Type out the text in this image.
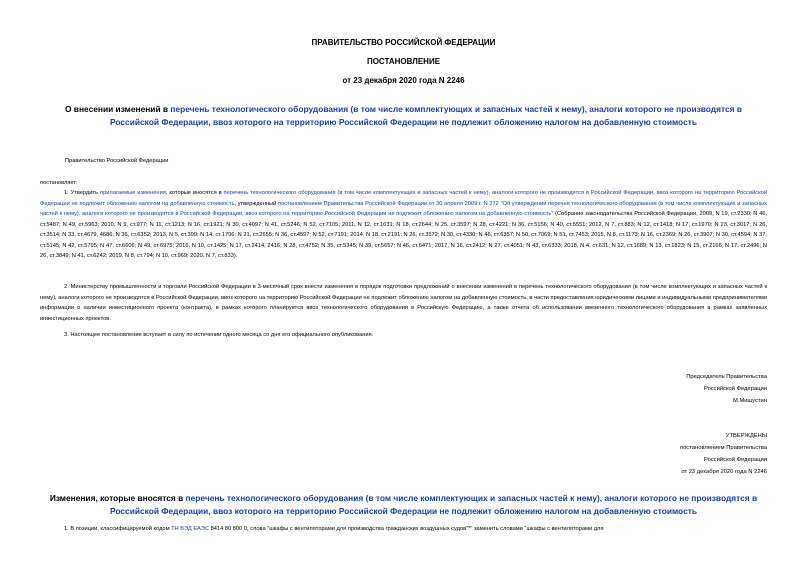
ПРАВИТЕЛЬСТВО РОССИЙСКОЙ ФЕДЕРАЦИИ
ПОСТАНОВЛЕНИЕ
от 23 декабря 2020 года N 2246
О внесении изменений в перечень технологического оборудования (в том числе комплектующих и запасных частей к нему), аналоги которого не производятся в Российской Федерации, ввоз которого на территорию Российской Федерации не подлежит обложению налогом на добавленную стоимость
Правительство Российской Федерации
постановляет:
1. Утвердить прилагаемые изменения, которые вносятся в перечень технологического оборудования (в том числе комплектующих и запасных частей к нему), аналоги которого не производятся в Российской Федерации, ввоз которого на территорию Российской Федерации не подлежит обложению налогом на добавленную стоимость, утвержденный постановлением Правительства Российской Федерации от 30 апреля 2009 г. N 372 "Об утверждении перечня технологического оборудования (в том числе комплектующих и запасных частей к нему), аналоги которого не производятся в Российской Федерации, ввоз которого на территорию Российской Федерации не подлежит обложению налогом на добавленную стоимость" (Собрание законодательства Российской Федерации, 2009, N 19, ст.2330; N 46, ст.5487; N 49, ст.5963; 2010, N 9, ст.977; N 11, ст.1213; N 16, ст.1921; N 30, ст.4097; N 41, ст.5246; N 52, ст.7105; 2011, N 12, ст.1631; N 18, ст.2644; N 25, ст.3597; N 28, ст.4221; N 36, ст.5156; N 40, ст.5551; 2012, N 7, ст.883; N 12, ст.1418; N 17, ст.1970; N 23, ст.3017; N 26, ст.3514; N 33, ст.4679, 4686; N 36, ст.6352; 2013, N 5, ст.399; N 14, ст.1706; N 21, ст.2655; N 36, ст.4597; N 52, ст.7191; 2014, N 18, ст.2191; N 26, ст.3572; N 30, ст.4330; N 46, ст.6357; N 50, ст.7069; N 51, ст.7453; 2015, N 8, ст.1173; N 16, ст.2369; N 26, ст.3907; N 30, ст.4594; N 37, ст.5145; N 42, ст.5795; N 47, ст.6606; N 49, ст.6975; 2016, N 10, ст.1425; N 17, ст.2414, 2416; N 28, ст.4752; N 35, ст.5345; N 39, ст.5657; N 46, ст.6471; 2017, N 16, ст.2412; N 27, ст.4051; N 43, ст.6333; 2018, N 4, ст.631; N 12, ст.1689; N 13, ст.1823; N 15, ст.2166; N 17, ст.2496; N 26, ст.3849; N 41, ст.6242; 2019, N 8, ст.794; N 10, ст.969; 2020, N 7, ст.833).
2. Министерству промышленности и торговли Российской Федерации в 3-месячный срок внести изменения в порядок подготовки предложений о внесении изменений в перечень технологического оборудования (в том числе комплектующих и запасных частей к нему), аналоги которого не производятся в Российской Федерации, ввоз которого на территорию Российской Федерации не подлежит обложению налогом на добавленную стоимость, в части предоставления юридическими лицами и индивидуальными предпринимателями информации о наличии инвестиционного проекта (контракта), в рамках которого планируется ввоз технологического оборудования в Российскую Федерацию, а также отчета об использовании ввезенного технологического оборудования в рамках заявленных инвестиционных проектов.
3. Настоящее постановление вступает в силу по истечении одного месяца со дня его официального опубликования.
Председатель Правительства
Российской Федерации
М.Мишустин
УТВЕРЖДЕНЫ
постановлением Правительства
Российской Федерации
от 23 декабря 2020 года N 2246
Изменения, которые вносятся в перечень технологического оборудования (в том числе комплектующих и запасных частей к нему), аналоги которого не производятся в Российской Федерации, ввоз которого на территорию Российской Федерации не подлежит обложению налогом на добавленную стоимость
1. В позиции, классифицируемой кодом ТН ВЭД ЕАЭС 8414 80 800 0, слова "шкафы с вентиляторами для производства гражданских воздушных судов"*" заменить словами "шкафы с вентиляторами для
